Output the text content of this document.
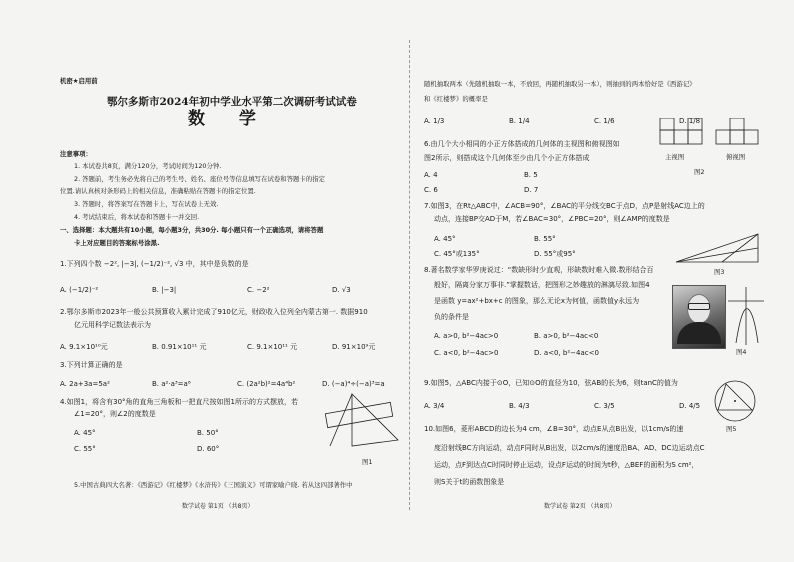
机密★启用前
鄂尔多斯市2024年初中学业水平第二次调研考试试卷
数 学
注意事项：
1. 本试卷共8页，满分120分，考试时间为120分钟.
2. 答题前，考生务必先将自己的考生号、姓名、座位号等信息填写在试卷和答题卡的指定
位置.请认真核对条形码上的相关信息，准确粘贴在答题卡的指定位置.
3. 答题时，将答案写在答题卡上，写在试卷上无效.
4. 考试结束后，将本试卷和答题卡一并交回.
一、选择题：本大题共有10小题，每小题3分，共30分. 每小题只有一个正确选项，请将答题
卡上对应题目的答案标号涂黑.
1.下列四个数 −2², |−3|, (−1/2)⁻², √3 中，其中是负数的是
A. (−1/2)⁻²	B. |−3|	C. −2²	D. √3
2.鄂尔多斯市2023年一般公共预算收入累计完成了910亿元，财政收入位列全内蒙古第一. 数据910
亿元用科学记数法表示为
A. 9.1×10¹⁰元	B. 0.91×10¹¹ 元	C. 9.1×10¹¹ 元	D. 91×10⁹元
3.下列计算正确的是
A. 2a+3a=5a²	B. a²·a³=a⁶	C. (2a²b)²=4a⁴b²	D. (−a)⁴÷(−a)³=a
4.如图1，将含有30°角的直角三角板和一把直尺按如图1所示的方式摆放，若
∠1=20°，则∠2的度数是
A. 45°	B. 50°
C. 55°	D. 60°
图1
5.中国古典四大名著：《西游记》《红楼梦》《水浒传》《三国演义》可谓家喻户晓. 若从这四部著作中
数学试卷 第1页 （共8页）
随机抽取两本（先随机抽取一本，不放回，再随机抽取另一本），则抽到的两本恰好是《西游记》
和《红楼梦》的概率是
A. 1/3	B. 1/4	C. 1/6	D. 1/8
6.由几个大小相同的小正方体搭成的几何体的主视图和俯视图如
图2所示，则搭成这个几何体至少由几个小正方体搭成
A. 4	B. 5
C. 6	D. 7
主视图	俯视图
图2
7.如图3，在Rt△ABC中，∠ACB=90°，∠BAC的平分线交BC于点D，点P是射线AC边上的
动点，连接BP交AD于M，若∠BAC=30°，∠PBC=20°，则∠AMP的度数是
A. 45°	B. 55°
C. 45°或135°	D. 55°或95°
图3
8.著名数学家华罗庚说过：“数缺形时少直观，形缺数时难入微.数形结合百
般好，隔离分家万事非.”掌握数话，把图形之妙趣放的淋漓尽致.如图4
是函数 y=ax²+bx+c 的图象，那么无论x为何值，函数值y永远为
负的条件是
A. a>0, b²−4ac>0	B. a>0, b²−4ac<0
C. a<0, b²−4ac>0	D. a<0, b²−4ac<0	图4
9.如图5，△ABC内接于⊙O，已知⊙O的直径为10，弦AB的长为6，则tanC的值为
A. 3/4	B. 4/3	C. 3/5	D. 4/5
图5
10.如图6，菱形ABCD的边长为4 cm，∠B=30°，动点E从点B出发，以1cm/s的速
度沿射线BC方向运动，动点F同时从B出发，以2cm/s的速度沿BA、AD、DC边运动点C
运动，点F到达点C时同时停止运动，设点F运动的时间为t秒，△BEF的面积为S cm²，
则S关于t的函数图象是
数学试卷 第2页 （共8页）
